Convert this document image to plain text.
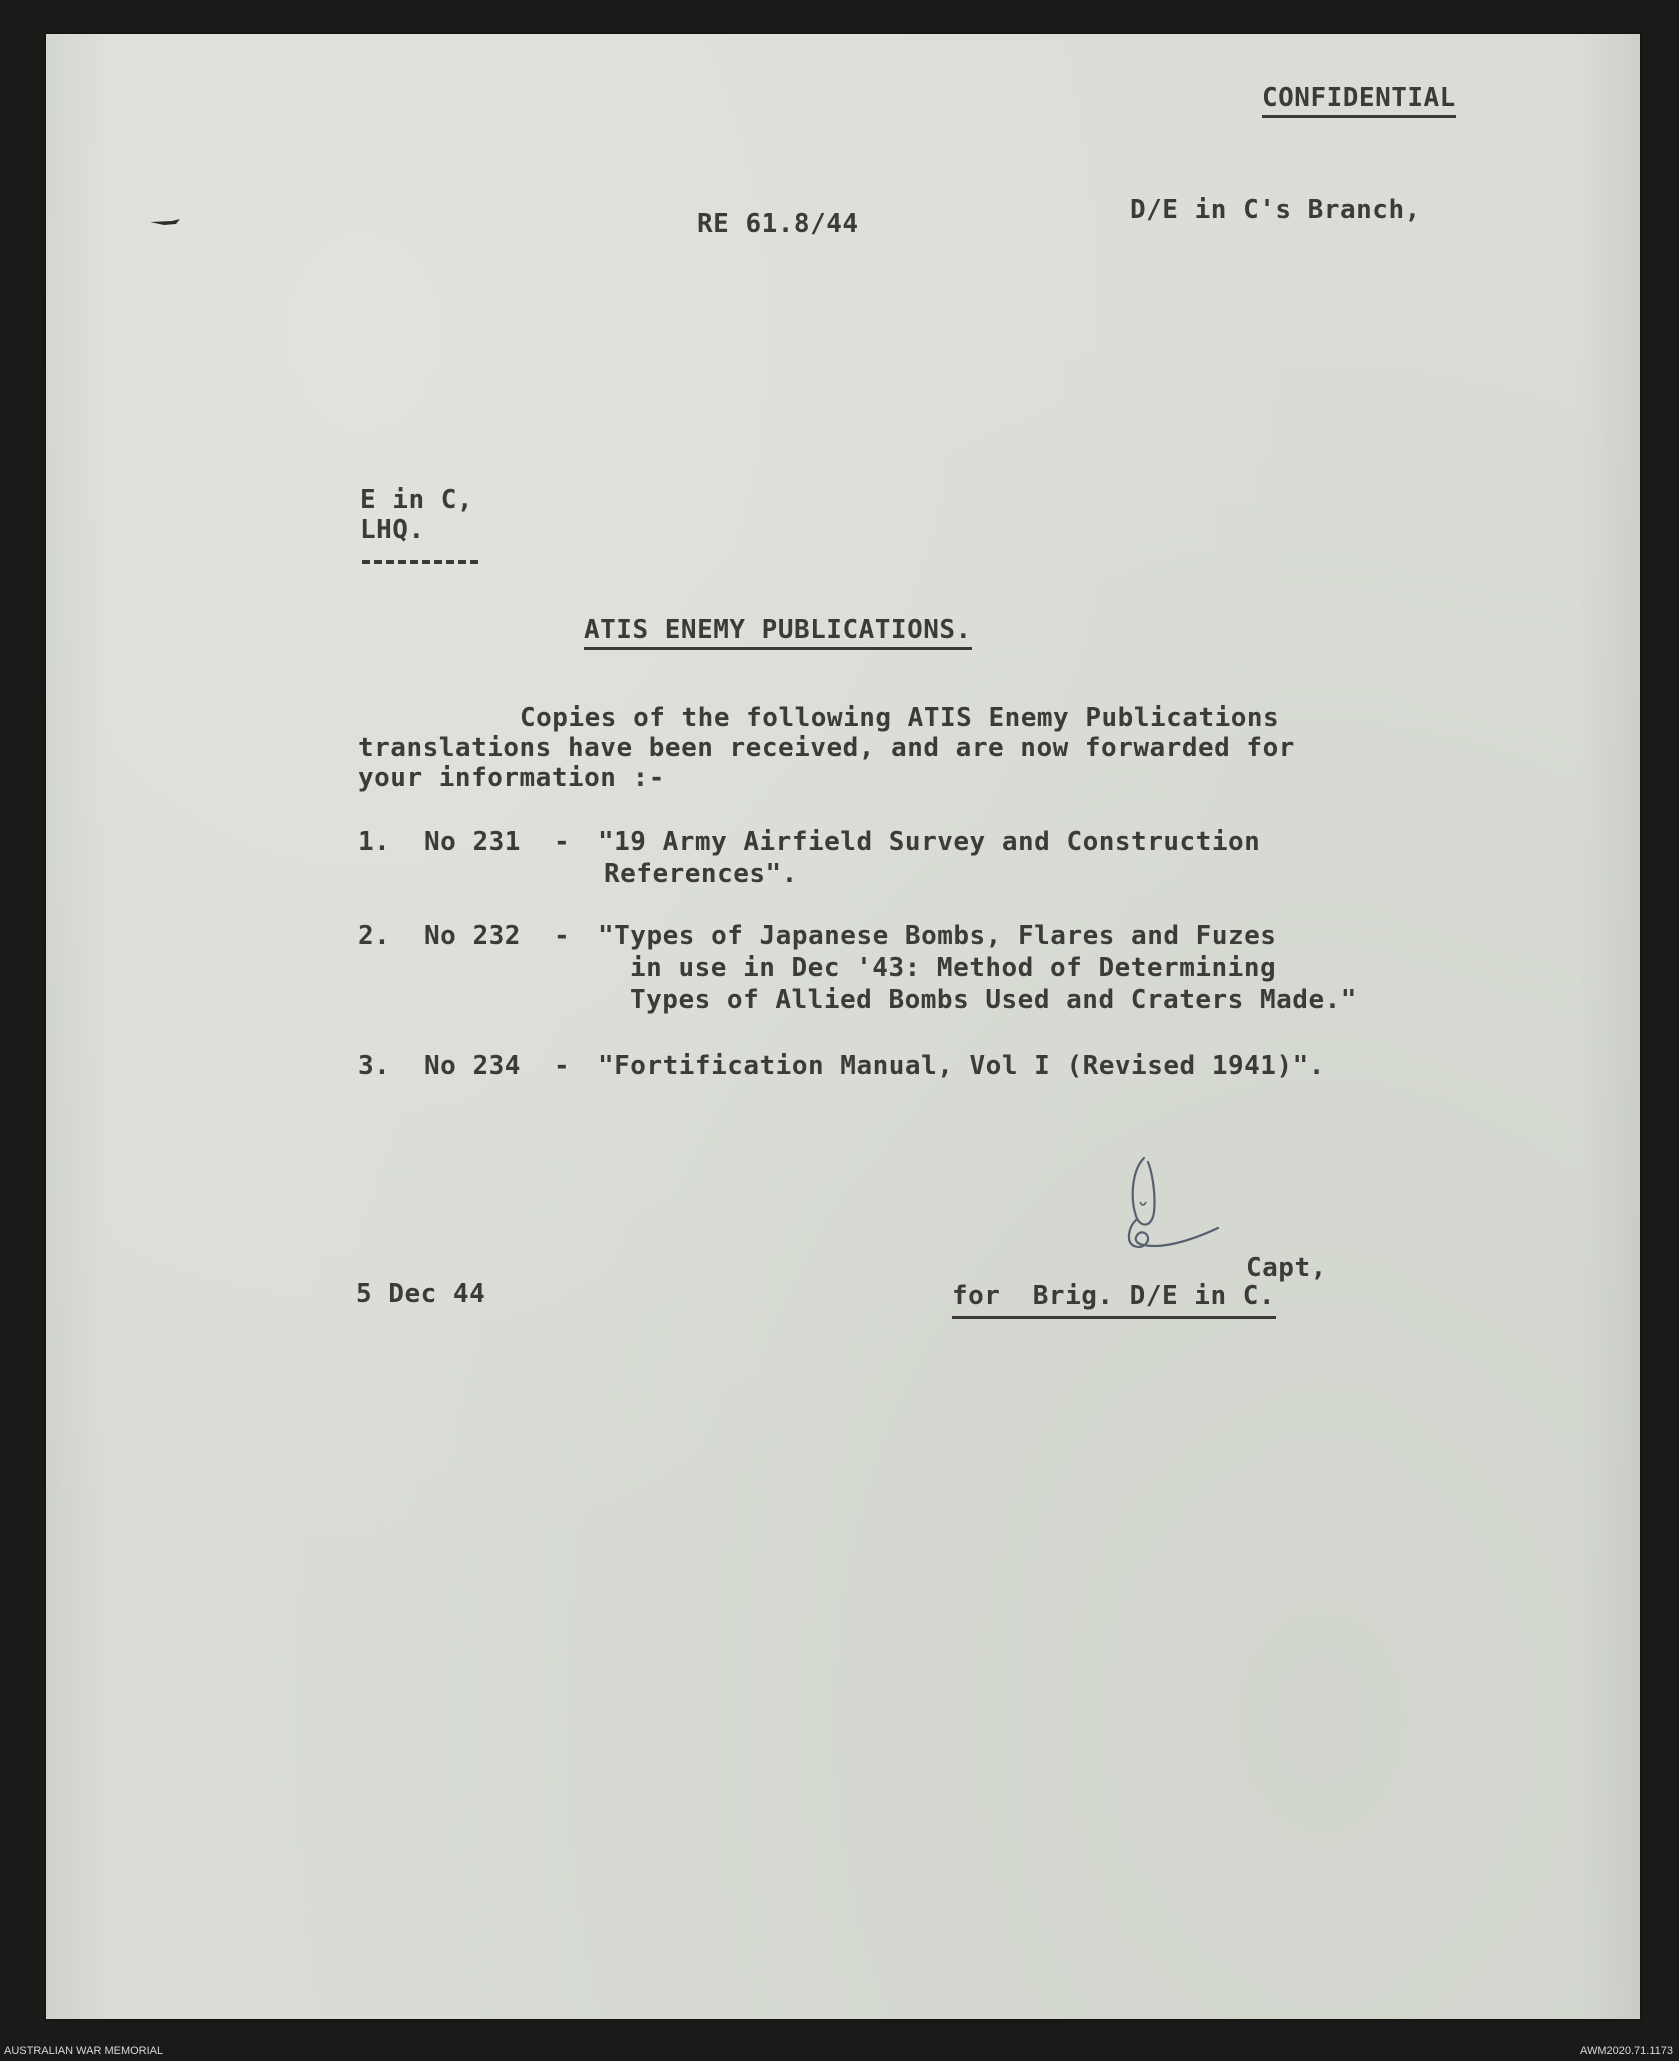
CONFIDENTIAL
RE 61.8/44	D/E in C's Branch,
E in C,
LHQ.
ATIS ENEMY PUBLICATIONS.
Copies of the following ATIS Enemy Publications
translations have been received, and are now forwarded for
your information :-
1. No 231 - "19 Army Airfield Survey and Construction
References".
2. No 232 - "Types of Japanese Bombs, Flares and Fuzes
in use in Dec '43: Method of Determining
Types of Allied Bombs Used and Craters Made."
3. No 234 - "Fortification Manual, Vol I (Revised 1941)".
5 Dec 44
Capt,
for  Brig. D/E in C.
AUSTRALIAN WAR MEMORIAL	AWM2020.71.1173
